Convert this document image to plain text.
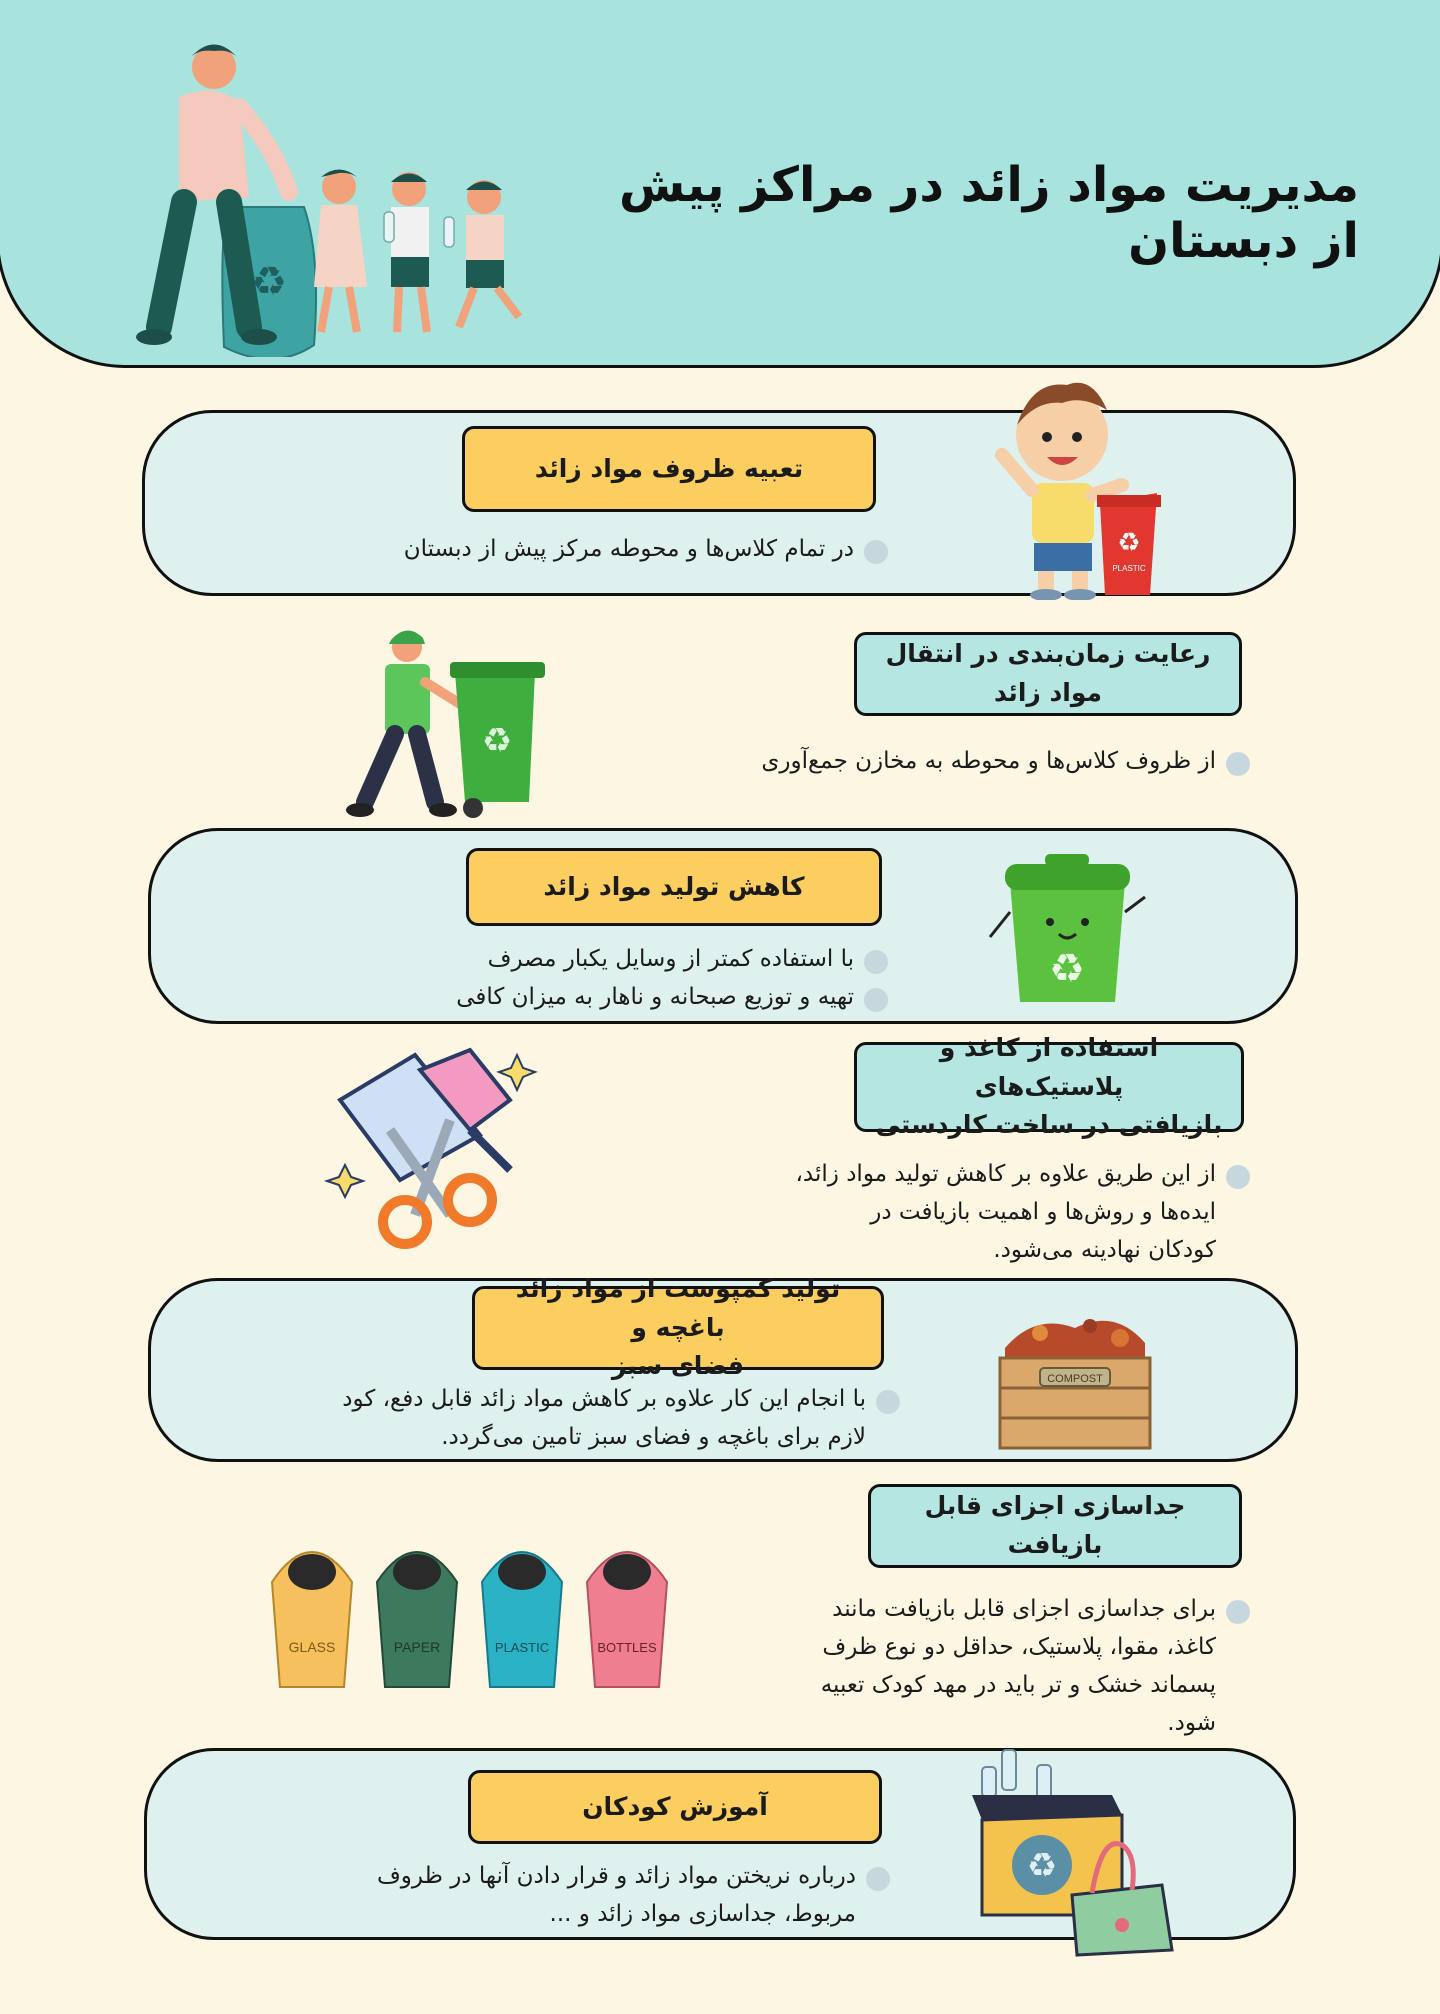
مدیریت مواد زائد در مراکز پیش از دبستان
♻
تعبیه ظروف مواد زائد
در تمام کلاس‌ها و محوطه مرکز پیش از دبستان	♻
PLASTIC
رعایت زمان‌بندی در انتقال
مواد زائد
از ظروف کلاس‌ها و محوطه به مخازن جمع‌آوری
♻
کاهش تولید مواد زائد
با استفاده کمتر از وسایل یکبار مصرف
تهیه و توزیع صبحانه و ناهار به میزان کافی
♻
استفاده از کاغذ و پلاستیک‌های
بازیافتی در ساخت کاردستی
از این طریق علاوه بر کاهش تولید مواد زائد،
ایده‌ها و روش‌ها و اهمیت بازیافت در
کودکان نهادینه می‌شود.
تولید کمپوست از مواد زائد باغچه و
فضای سبز
با انجام این کار علاوه بر کاهش مواد زائد قابل دفع، کود
لازم برای باغچه و فضای سبز تامین می‌گردد.
COMPOST
جداسازی اجزای قابل بازیافت
برای جداسازی اجزای قابل بازیافت مانند
کاغذ، مقوا، پلاستیک، حداقل دو نوع ظرف
پسماند خشک و تر باید در مهد کودک تعبیه
شود.
GLASS	PAPER	PLASTIC	BOTTLES
آموزش کودکان
درباره نریختن مواد زائد و قرار دادن آنها در ظروف
مربوط، جداسازی مواد زائد و ...
♻
